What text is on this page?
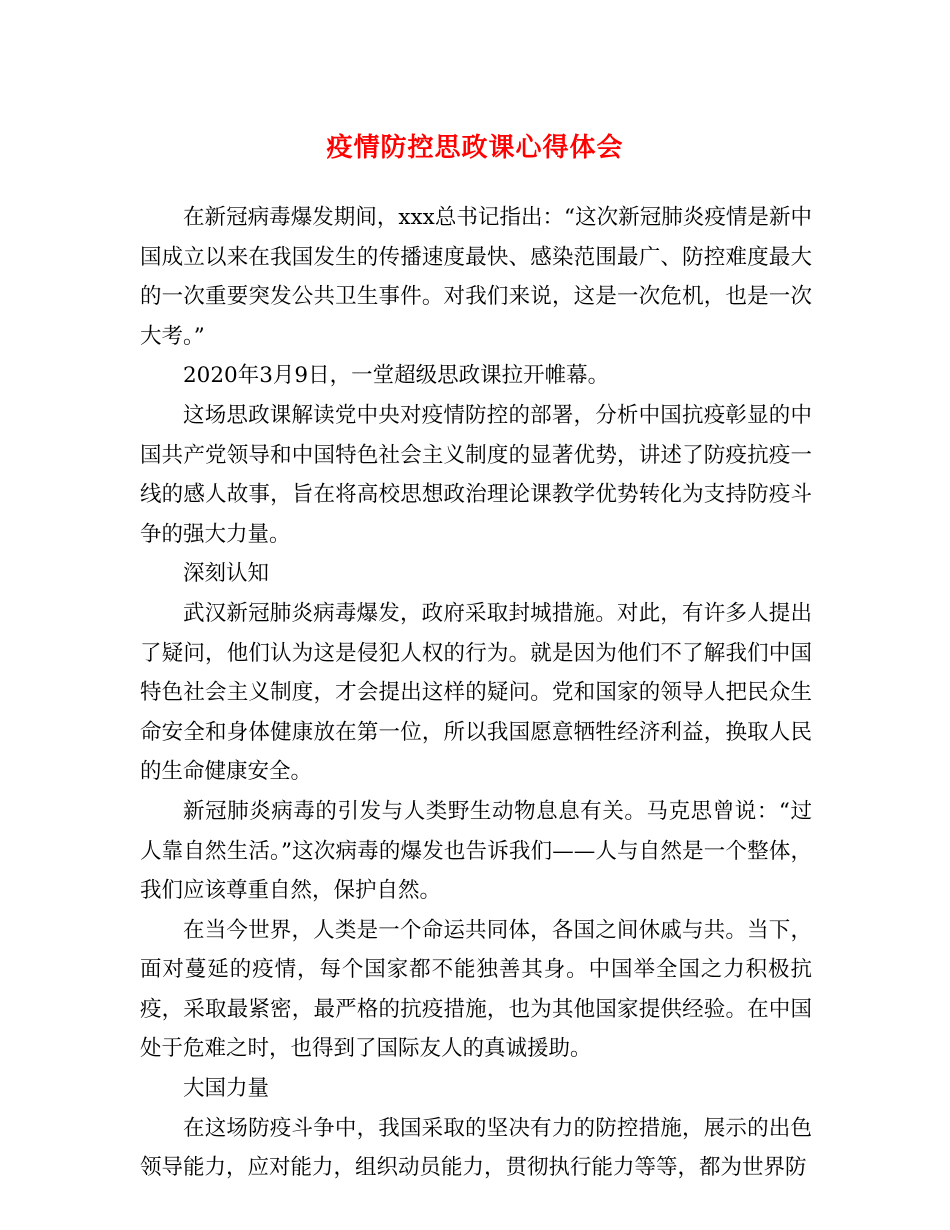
疫情防控思政课心得体会

在新冠病毒爆发期间，xxx总书记指出：“这次新冠肺炎疫情是新中国成立以来在我国发生的传播速度最快、感染范围最广、防控难度最大的一次重要突发公共卫生事件。对我们来说，这是一次危机，也是一次大考。”

2020年3月9日，一堂超级思政课拉开帷幕。

这场思政课解读党中央对疫情防控的部署，分析中国抗疫彰显的中国共产党领导和中国特色社会主义制度的显著优势，讲述了防疫抗疫一线的感人故事，旨在将高校思想政治理论课教学优势转化为支持防疫斗争的强大力量。

深刻认知

武汉新冠肺炎病毒爆发，政府采取封城措施。对此，有许多人提出了疑问，他们认为这是侵犯人权的行为。就是因为他们不了解我们中国特色社会主义制度，才会提出这样的疑问。党和国家的领导人把民众生命安全和身体健康放在第一位，所以我国愿意牺牲经济利益，换取人民的生命健康安全。

新冠肺炎病毒的引发与人类野生动物息息有关。马克思曾说：“过人靠自然生活。”这次病毒的爆发也告诉我们——人与自然是一个整体，我们应该尊重自然，保护自然。

在当今世界，人类是一个命运共同体，各国之间休戚与共。当下，面对蔓延的疫情，每个国家都不能独善其身。中国举全国之力积极抗疫，采取最紧密，最严格的抗疫措施，也为其他国家提供经验。在中国处于危难之时，也得到了国际友人的真诚援助。

大国力量

在这场防疫斗争中，我国采取的坚决有力的防控措施，展示的出色领导能力，应对能力，组织动员能力，贯彻执行能力等等，都为世界防
